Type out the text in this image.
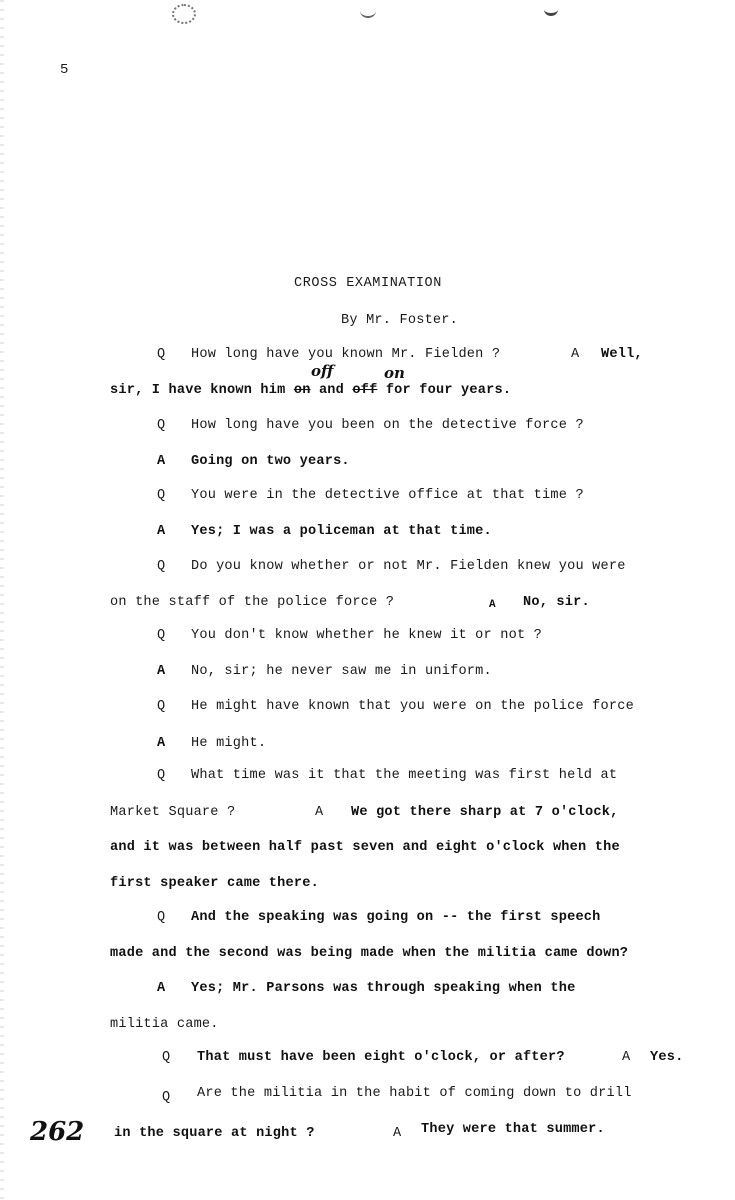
5
CROSS EXAMINATION
By Mr. Foster.
Q How long have you known Mr. Fielden ?	A Well,
sir, I have known him on and off for four years.
off	on
Q How long have you been on the detective force ?
A Going on two years.
Q You were in the detective office at that time ?
A Yes; I was a policeman at that time.
Q Do you know whether or not Mr. Fielden knew you were
on the staff of the police force ?	A No, sir.
Q You don't know whether he knew it or not ?
A No, sir; he never saw me in uniform.
Q He might have known that you were on the police force
A He might.
Q What time was it that the meeting was first held at
Market Square ?	A We got there sharp at 7 o'clock,
and it was between half past seven and eight o'clock when the
first speaker came there.
Q And the speaking was going on -- the first speech
made and the second was being made when the militia came down?
A Yes; Mr. Parsons was through speaking when the
militia came.
Q That must have been eight o'clock, or after?	A Yes.
Q Are the militia in the habit of coming down to drill
in the square at night ?	A They were that summer.
262
